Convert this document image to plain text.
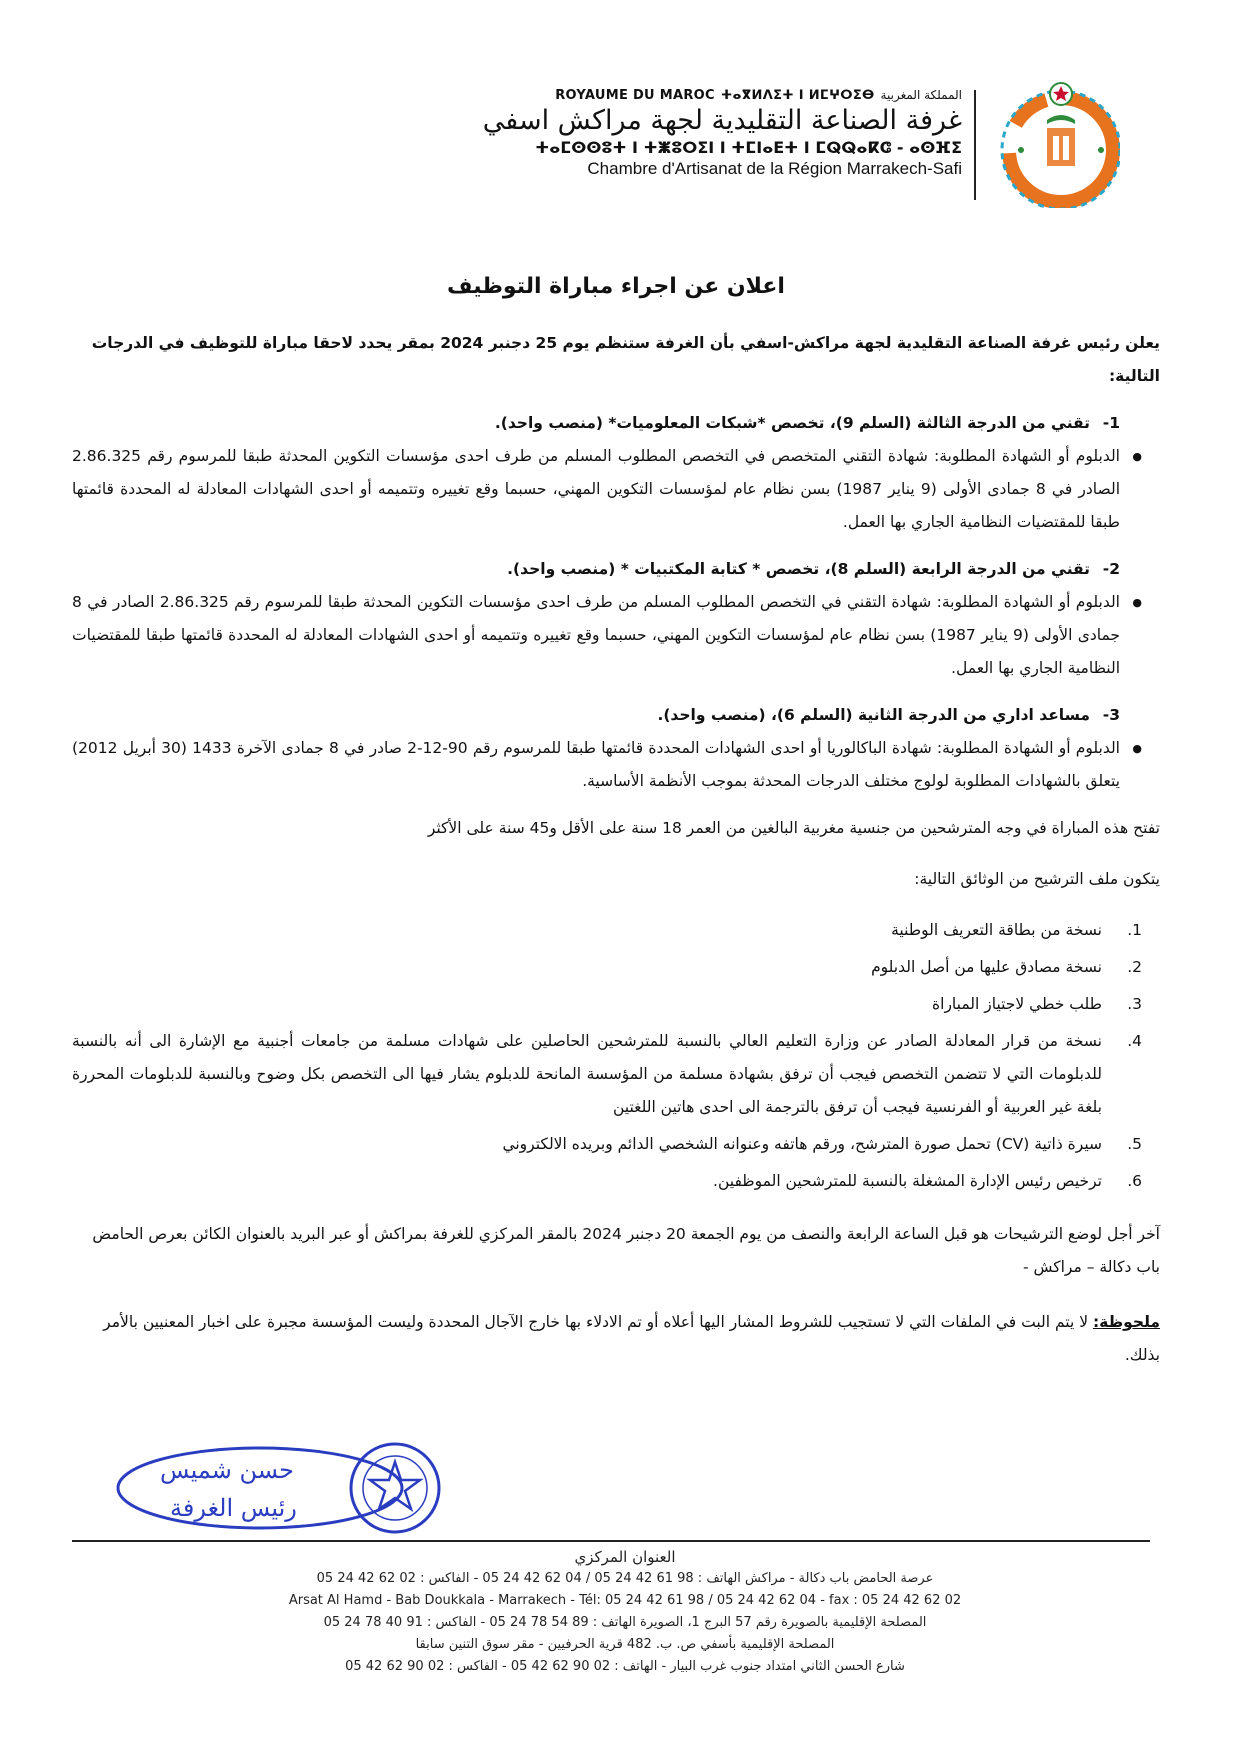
ROYAUME DU MAROC ⵜⴰⴳⵍⴷⵉⵜ ⵏ ⵍⵎⵖⵔⵉⴱ المملكة المغربية
غرفة الصناعة التقليدية لجهة مراكش اسفي
ⵜⴰⵎⵙⵙⵓⵜ ⵏ ⵜⵥⵓⵔⵉⵏ ⵏ ⵜⵎⵏⴰⴹⵜ ⵏ ⵎⵕⵕⴰⴽⵛ - ⴰⵙⴼⵉ
Chambre d'Artisanat de la Région Marrakech-Safi
اعلان عن اجراء مباراة التوظيف
يعلن رئيس غرفة الصناعة التقليدية لجهة مراكش-اسفي بأن الغرفة ستنظم يوم 25 دجنبر 2024 بمقر يحدد لاحقا مباراة للتوظيف في الدرجات التالية:
1-تقني من الدرجة الثالثة (السلم 9)، تخصص *شبكات المعلوميات* (منصب واحد).
● الدبلوم أو الشهادة المطلوبة: شهادة التقني المتخصص في التخصص المطلوب المسلم من طرف احدى مؤسسات التكوين المحدثة طبقا للمرسوم رقم 2.86.325 الصادر في 8 جمادى الأولى (9 يناير 1987) بسن نظام عام لمؤسسات التكوين المهني، حسبما وقع تغييره وتتميمه أو احدى الشهادات المعادلة له المحددة قائمتها طبقا للمقتضيات النظامية الجاري بها العمل.
2-تقني من الدرجة الرابعة (السلم 8)، تخصص * كتابة المكتبيات * (منصب واحد).
● الدبلوم أو الشهادة المطلوبة: شهادة التقني في التخصص المطلوب المسلم من طرف احدى مؤسسات التكوين المحدثة طبقا للمرسوم رقم 2.86.325 الصادر في 8 جمادى الأولى (9 يناير 1987) بسن نظام عام لمؤسسات التكوين المهني، حسبما وقع تغييره وتتميمه أو احدى الشهادات المعادلة له المحددة قائمتها طبقا للمقتضيات النظامية الجاري بها العمل.
3-مساعد اداري من الدرجة الثانية (السلم 6)، (منصب واحد).
● الدبلوم أو الشهادة المطلوبة: شهادة الباكالوريا أو احدى الشهادات المحددة قائمتها طبقا للمرسوم رقم 90-12-2 صادر في 8 جمادى الآخرة 1433 (30 أبريل 2012) يتعلق بالشهادات المطلوبة لولوج مختلف الدرجات المحدثة بموجب الأنظمة الأساسية.
تفتح هذه المباراة في وجه المترشحين من جنسية مغربية البالغين من العمر 18 سنة على الأقل و45 سنة على الأكثر
يتكون ملف الترشيح من الوثائق التالية:
1.
نسخة من بطاقة التعريف الوطنية
2.
نسخة مصادق عليها من أصل الدبلوم
3.
طلب خطي لاجتياز المباراة
4.
نسخة من قرار المعادلة الصادر عن وزارة التعليم العالي بالنسبة للمترشحين الحاصلين على شهادات مسلمة من جامعات أجنبية مع الإشارة الى أنه بالنسبة للدبلومات التي لا تتضمن التخصص فيجب أن ترفق بشهادة مسلمة من المؤسسة المانحة للدبلوم يشار فيها الى التخصص بكل وضوح وبالنسبة للدبلومات المحررة بلغة غير العربية أو الفرنسية فيجب أن ترفق بالترجمة الى احدى هاتين اللغتين
5.
سيرة ذاتية (CV) تحمل صورة المترشح، ورقم هاتفه وعنوانه الشخصي الدائم وبريده الالكتروني
6.
ترخيص رئيس الإدارة المشغلة بالنسبة للمترشحين الموظفين.
آخر أجل لوضع الترشيحات هو قبل الساعة الرابعة والنصف من يوم الجمعة 20 دجنبر 2024 بالمقر المركزي للغرفة بمراكش أو عبر البريد بالعنوان الكائن بعرص الحامض باب دكالة – مراكش -
ملحوظة: لا يتم البت في الملفات التي لا تستجيب للشروط المشار اليها أعلاه أو تم الادلاء بها خارج الآجال المحددة وليست المؤسسة مجبرة على اخبار المعنيين بالأمر بذلك.
حسن شميس
رئيس الغرفة
العنوان المركزي
عرصة الحامض باب دكالة - مراكش الهاتف : 98 61 42 24 05 / 04 62 42 24 05 - الفاكس : 02 62 42 24 05
Arsat Al Hamd - Bab Doukkala - Marrakech - Tél: 05 24 42 61 98 / 05 24 42 62 04 - fax : 05 24 42 62 02
المصلحة الإقليمية بالصويرة رقم 57 البرج 1، الصويرة الهاتف : 89 54 78 24 05 - الفاكس : 91 40 78 24 05
المصلحة الإقليمية بأسفي ص. ب. 482 قرية الحرفيين - مقر سوق التنين سابقا
شارع الحسن الثاني امتداد جنوب غرب البيار - الهاتف : 02 90 62 42 05 - الفاكس : 02 90 62 42 05
